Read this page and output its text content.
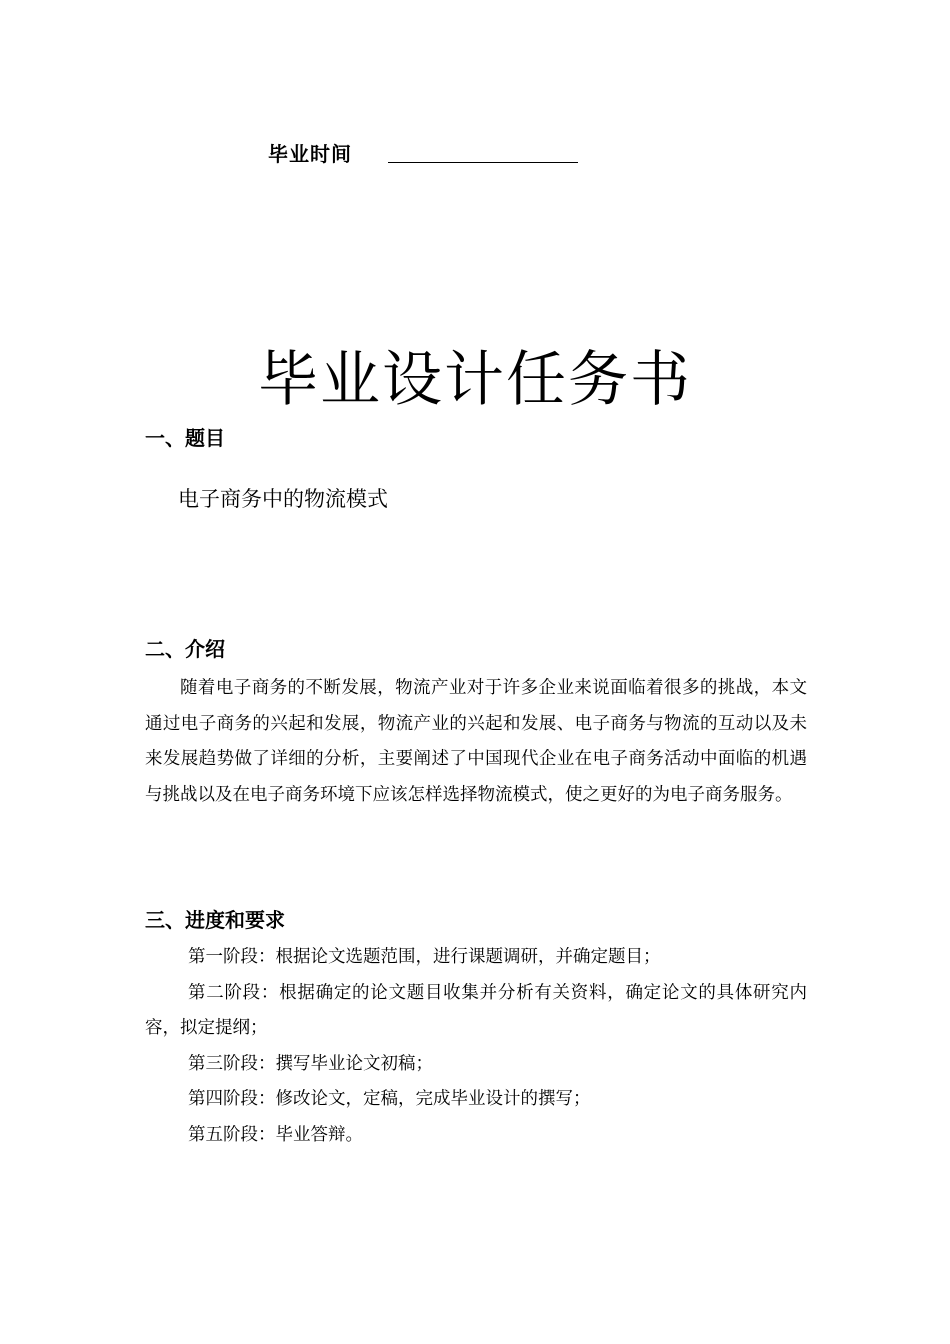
毕业时间
毕业设计任务书
一、题目
电子商务中的物流模式
二、介绍

随着电子商务的不断发展，物流产业对于许多企业来说面临着很多的挑战，本文通过电子商务的兴起和发展，物流产业的兴起和发展、电子商务与物流的互动以及未来发展趋势做了详细的分析，主要阐述了中国现代企业在电子商务活动中面临的机遇与挑战以及在电子商务环境下应该怎样选择物流模式，使之更好的为电子商务服务。

三、进度和要求
第一阶段：根据论文选题范围，进行课题调研，并确定题目；
第二阶段：根据确定的论文题目收集并分析有关资料，确定论文的具体研究内容，拟定提纲；
第三阶段：撰写毕业论文初稿；
第四阶段：修改论文，定稿，完成毕业设计的撰写；
第五阶段：毕业答辩。
